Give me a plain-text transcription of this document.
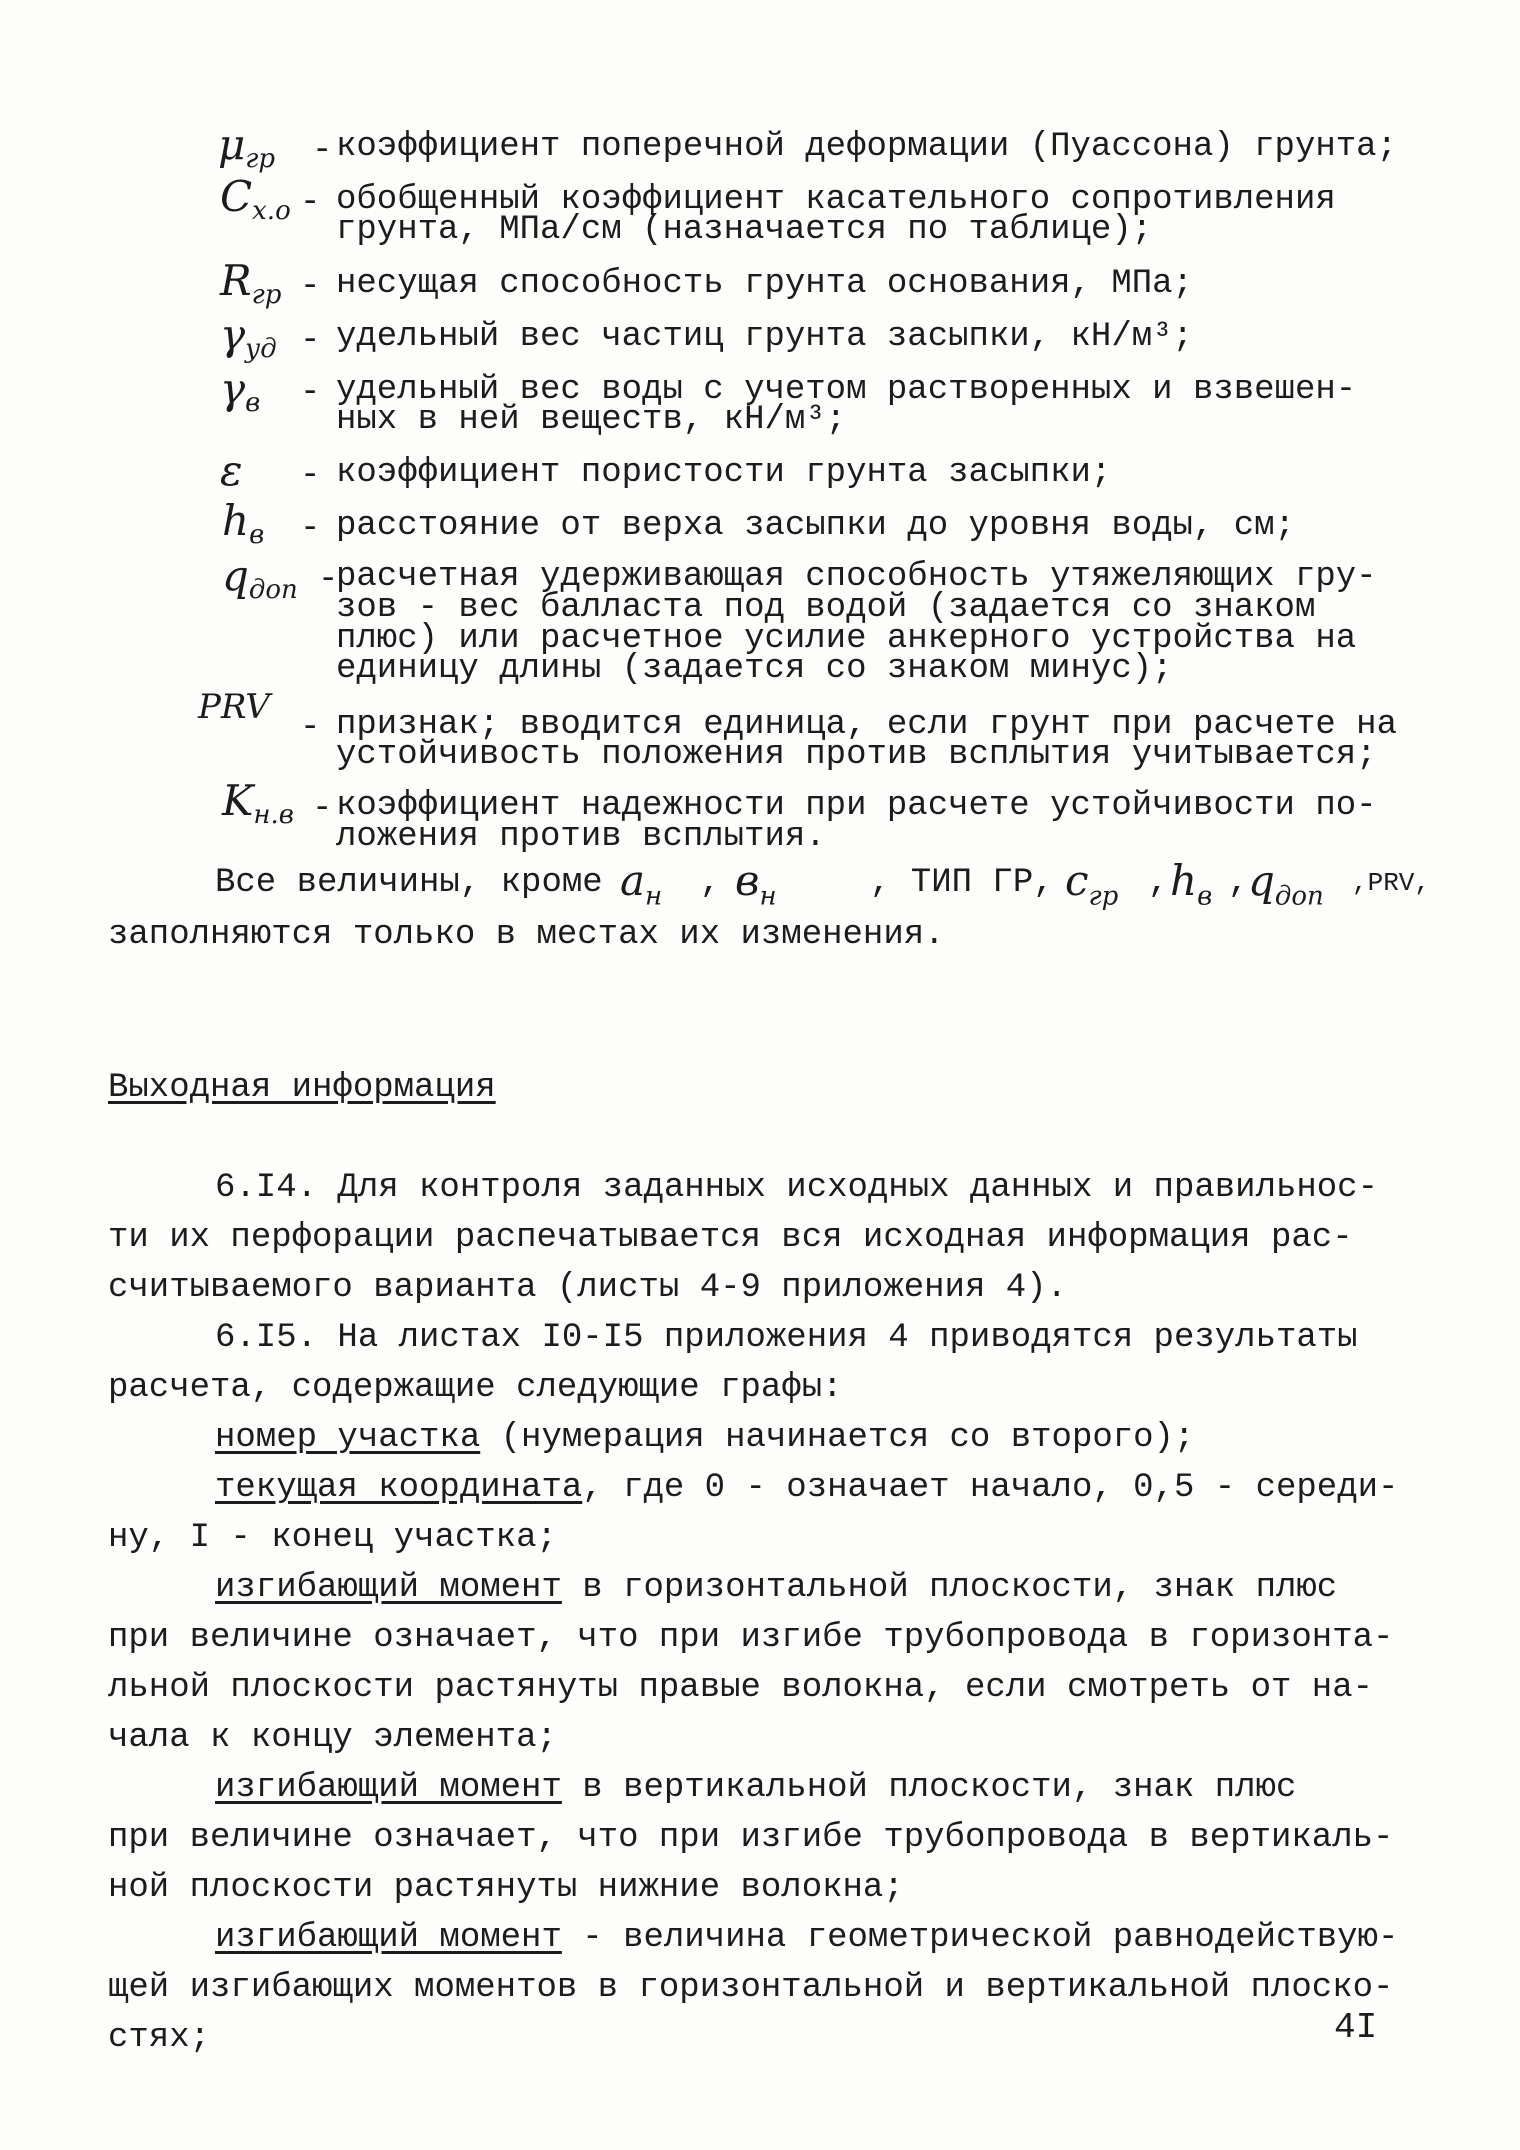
$\mu_{гр}$ - коэффициент поперечной деформации (Пуассона) грунта;
$C_{х.о}$ - обобщенный коэффициент касательного сопротивления
грунта, МПа/см (назначается по таблице);
$R_{гр}$ - несущая способность грунта основания, МПа;
$\gamma_{уд}$ - удельный вес частиц грунта засыпки, кН/м³;
$\gamma_в$ - удельный вес воды с учетом растворенных и взвешен-
ных в ней веществ, кН/м³;
ε - коэффициент пористости грунта засыпки;
$h_в$ - расстояние от верха засыпки до уровня воды, см;
$q_{доп}$ -
расчетная удерживающая способность утяжеляющих гру-
зов - вес балласта под водой (задается со знаком
плюс) или расчетное усилие анкерного устройства на
единицу длины (задается со знаком минус);
PRV
- признак; вводится единица, если грунт при расчете на
устойчивость положения против всплытия учитывается;
$K_{н.в}$ - коэффициент надежности при расчете устойчивости по-
ложения против всплытия.
Все величины, кроме $a_н$ , $в_н$	, ТИП ГР, $c_{гр}$ , $h_в$ , $q_{доп}$ ,PRV,
заполняются только в местах их изменения.
Выходная информация
6.I4. Для контроля заданных исходных данных и правильнос-
ти их перфорации распечатывается вся исходная информация рас-
считываемого варианта (листы 4-9 приложения 4).
6.I5. На листах I0-I5 приложения 4 приводятся результаты
расчета, содержащие следующие графы:
номер участка (нумерация начинается со второго);
текущая координата, где 0 - означает начало, 0,5 - середи-
ну, I - конец участка;
изгибающий момент в горизонтальной плоскости, знак плюс
при величине означает, что при изгибе трубопровода в горизонта-
льной плоскости растянуты правые волокна, если смотреть от на-
чала к концу элемента;
изгибающий момент в вертикальной плоскости, знак плюс
при величине означает, что при изгибе трубопровода в вертикаль-
ной плоскости растянуты нижние волокна;
изгибающий момент - величина геометрической равнодействую-
щей изгибающих моментов в горизонтальной и вертикальной плоско-
стях;	4I
